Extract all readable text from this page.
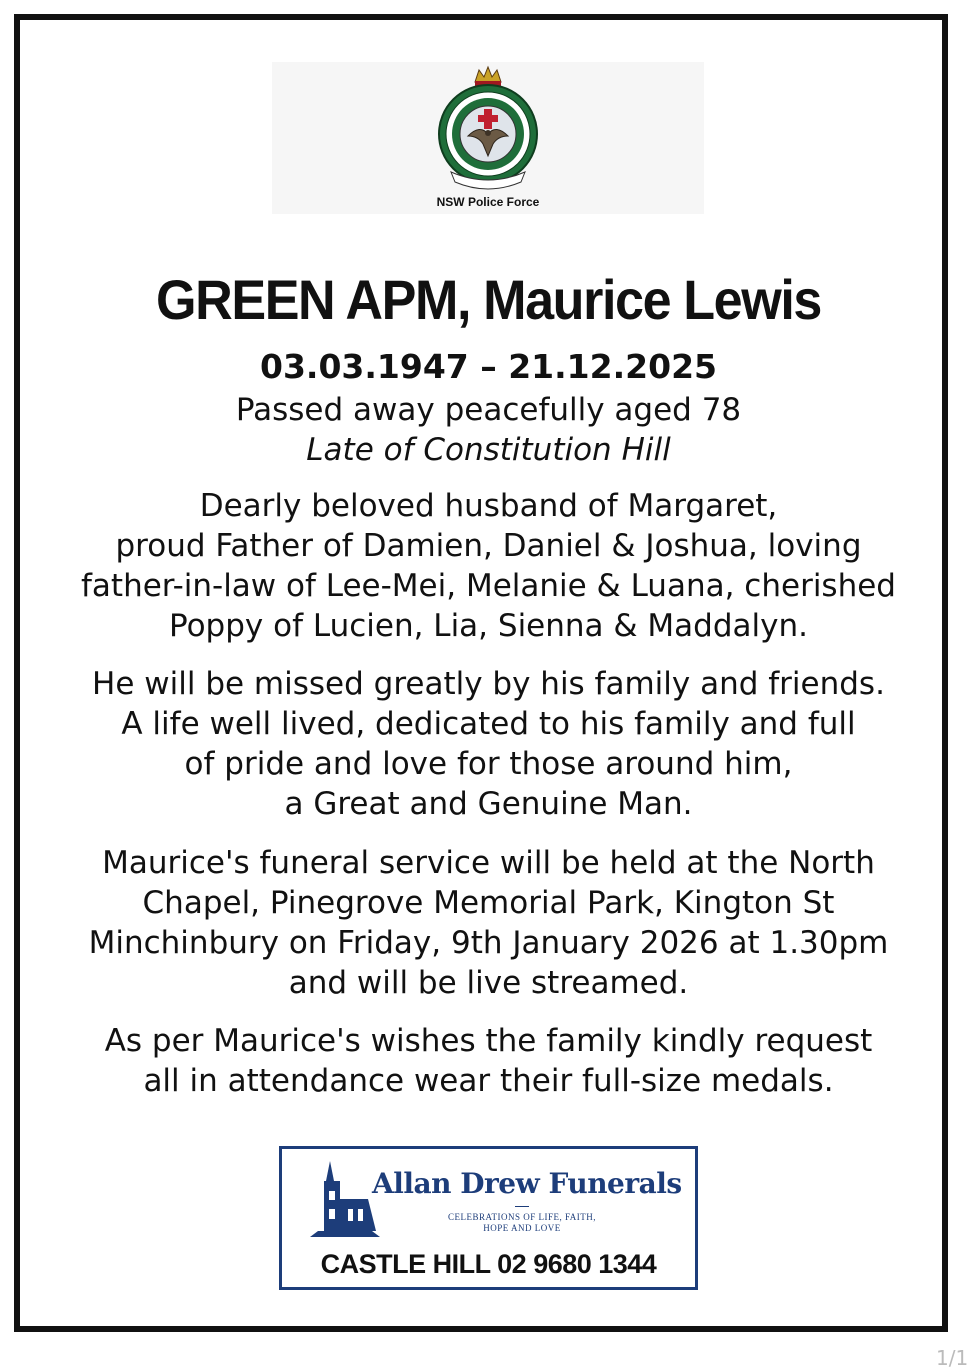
NSW Police Force
GREEN APM, Maurice Lewis
03.03.1947 – 21.12.2025
Passed away peacefully aged 78
Late of Constitution Hill
Dearly beloved husband of Margaret,
proud Father of Damien, Daniel & Joshua, loving
father-in-law of Lee-Mei, Melanie & Luana, cherished
Poppy of Lucien, Lia, Sienna & Maddalyn.
He will be missed greatly by his family and friends.
A life well lived, dedicated to his family and full
of pride and love for those around him,
a Great and Genuine Man.
Maurice's funeral service will be held at the North
Chapel, Pinegrove Memorial Park, Kington St
Minchinbury on Friday, 9th January 2026 at 1.30pm
and will be live streamed.
As per Maurice's wishes the family kindly request
all in attendance wear their full-size medals.
Allan Drew Funerals
CELEBRATIONS OF LIFE, FAITH,
HOPE AND LOVE
CASTLE HILL 02 9680 1344
1/1
